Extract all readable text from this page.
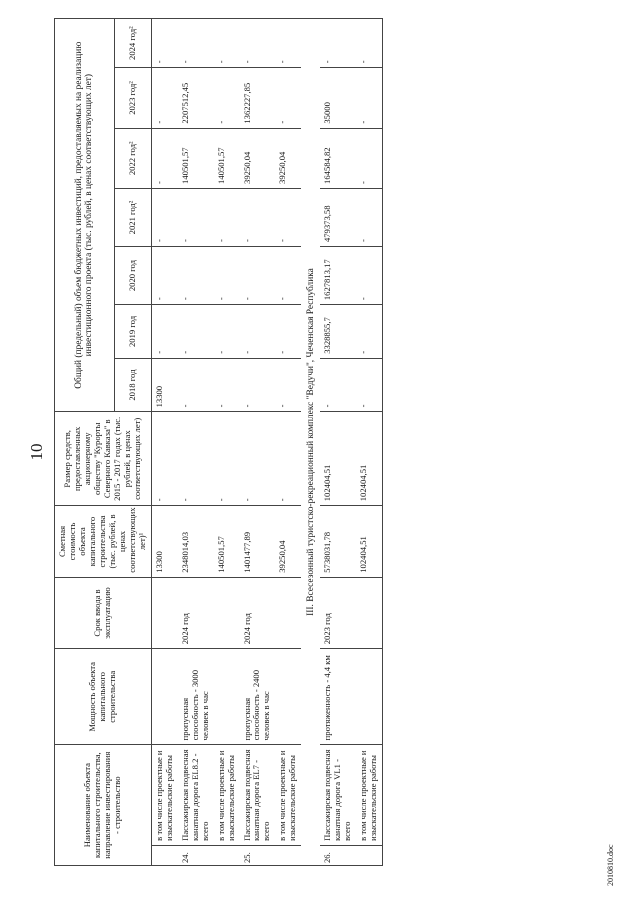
10
Наименование объекта капитального строительства, направление инвестирования - строительство		Мощность объекта капитального строительства	Срок ввода в эксплуатацию	Сметная стоимость объекта капитального строительства (тыс. рублей, в ценах соответствующих лет)¹	Размер средств, предоставленных акционерному обществу "Курорты Северного Кавказа" в 2015 - 2017 годах (тыс. рублей, в ценах соответствующих лет)	Общий (предельный) объем бюджетных инвестиций, предоставляемых на реализацию инвестиционного проекта (тыс. рублей, в ценах соответствующих лет)						
						2018 год	2019 год	2020 год	2021 год²	2022 год²	2023 год²	2024 год²
	в том числе проектные и изыскательские работы			13300	-	13300	-	-	-	-	-	-
24.	Пассажирская подвесная канатная дорога EL8.2 - всего	пропускная способность - 3000 человек в час	2024 год	2348014,03	-	-	-	-	-	140501,57	2207512,45	-
	в том числе проектные и изыскательские работы			140501,57	-	-	-	-	-	140501,57	-	-
25.	Пассажирская подвесная канатная дорога EL7 - всего	пропускная способность - 2400 человек в час	2024 год	1401477,89	-	-	-	-	-	39250,04	1362227,85	-
	в том числе проектные и изыскательские работы			39250,04	-	-	-	-	-	39250,04	-	-
III. Всесезонный туристско-рекреационный комплекс "Ведучи", Чеченская Республика												
26.	Пассажирская подвесная канатная дорога VL1 - всего	протяженность - 4,4 км	2023 год	5738031,78	102404,51	-	3328855,7	1627813,17	479373,58	164584,82	35000	-
	в том числе проектные и изыскательские работы			102404,51	102404,51	-	-	-	-	-	-	-
2010810.doc
